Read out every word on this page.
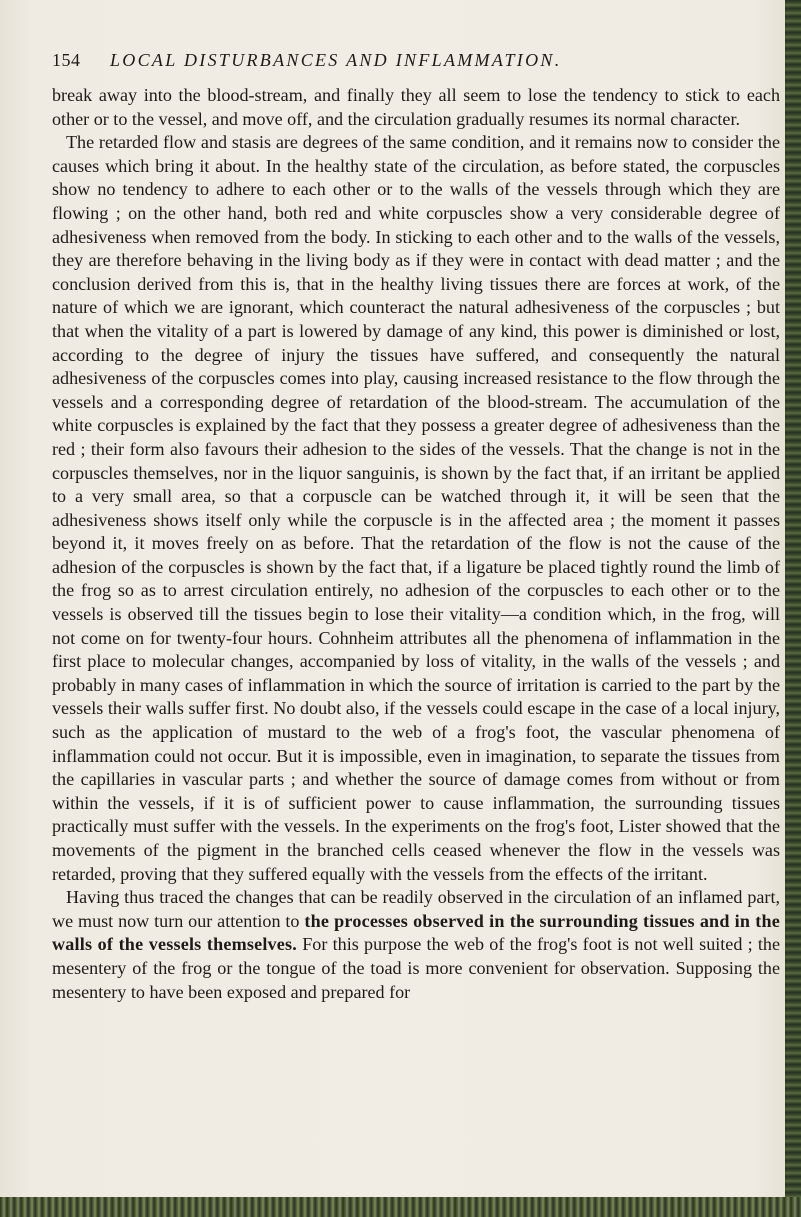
154 LOCAL DISTURBANCES AND INFLAMMATION.

break away into the blood-stream, and finally they all seem to lose the tendency to stick to each other or to the vessel, and move off, and the circulation gradually resumes its normal character.

The retarded flow and stasis are degrees of the same condition, and it remains now to consider the causes which bring it about. In the healthy state of the circulation, as before stated, the corpuscles show no tendency to adhere to each other or to the walls of the vessels through which they are flowing ; on the other hand, both red and white corpuscles show a very considerable degree of adhesiveness when removed from the body. In sticking to each other and to the walls of the vessels, they are therefore behaving in the living body as if they were in contact with dead matter ; and the conclusion derived from this is, that in the healthy living tissues there are forces at work, of the nature of which we are ignorant, which counteract the natural adhesiveness of the corpuscles ; but that when the vitality of a part is lowered by damage of any kind, this power is diminished or lost, according to the degree of injury the tissues have suffered, and consequently the natural adhesiveness of the corpuscles comes into play, causing increased resistance to the flow through the vessels and a corresponding degree of retardation of the blood-stream. The accumulation of the white corpuscles is explained by the fact that they possess a greater degree of adhesiveness than the red ; their form also favours their adhesion to the sides of the vessels. That the change is not in the corpuscles themselves, nor in the liquor sanguinis, is shown by the fact that, if an irritant be applied to a very small area, so that a corpuscle can be watched through it, it will be seen that the adhesiveness shows itself only while the corpuscle is in the affected area ; the moment it passes beyond it, it moves freely on as before. That the retardation of the flow is not the cause of the adhesion of the corpuscles is shown by the fact that, if a ligature be placed tightly round the limb of the frog so as to arrest circulation entirely, no adhesion of the corpuscles to each other or to the vessels is observed till the tissues begin to lose their vitality—a condition which, in the frog, will not come on for twenty-four hours. Cohnheim attributes all the phenomena of inflammation in the first place to molecular changes, accompanied by loss of vitality, in the walls of the vessels ; and probably in many cases of inflammation in which the source of irritation is carried to the part by the vessels their walls suffer first. No doubt also, if the vessels could escape in the case of a local injury, such as the application of mustard to the web of a frog's foot, the vascular phenomena of inflammation could not occur. But it is impossible, even in imagination, to separate the tissues from the capillaries in vascular parts ; and whether the source of damage comes from without or from within the vessels, if it is of sufficient power to cause inflammation, the surrounding tissues practically must suffer with the vessels. In the experiments on the frog's foot, Lister showed that the movements of the pigment in the branched cells ceased whenever the flow in the vessels was retarded, proving that they suffered equally with the vessels from the effects of the irritant.

Having thus traced the changes that can be readily observed in the circulation of an inflamed part, we must now turn our attention to the processes observed in the surrounding tissues and in the walls of the vessels themselves. For this purpose the web of the frog's foot is not well suited ; the mesentery of the frog or the tongue of the toad is more convenient for observation. Supposing the mesentery to have been exposed and prepared for
